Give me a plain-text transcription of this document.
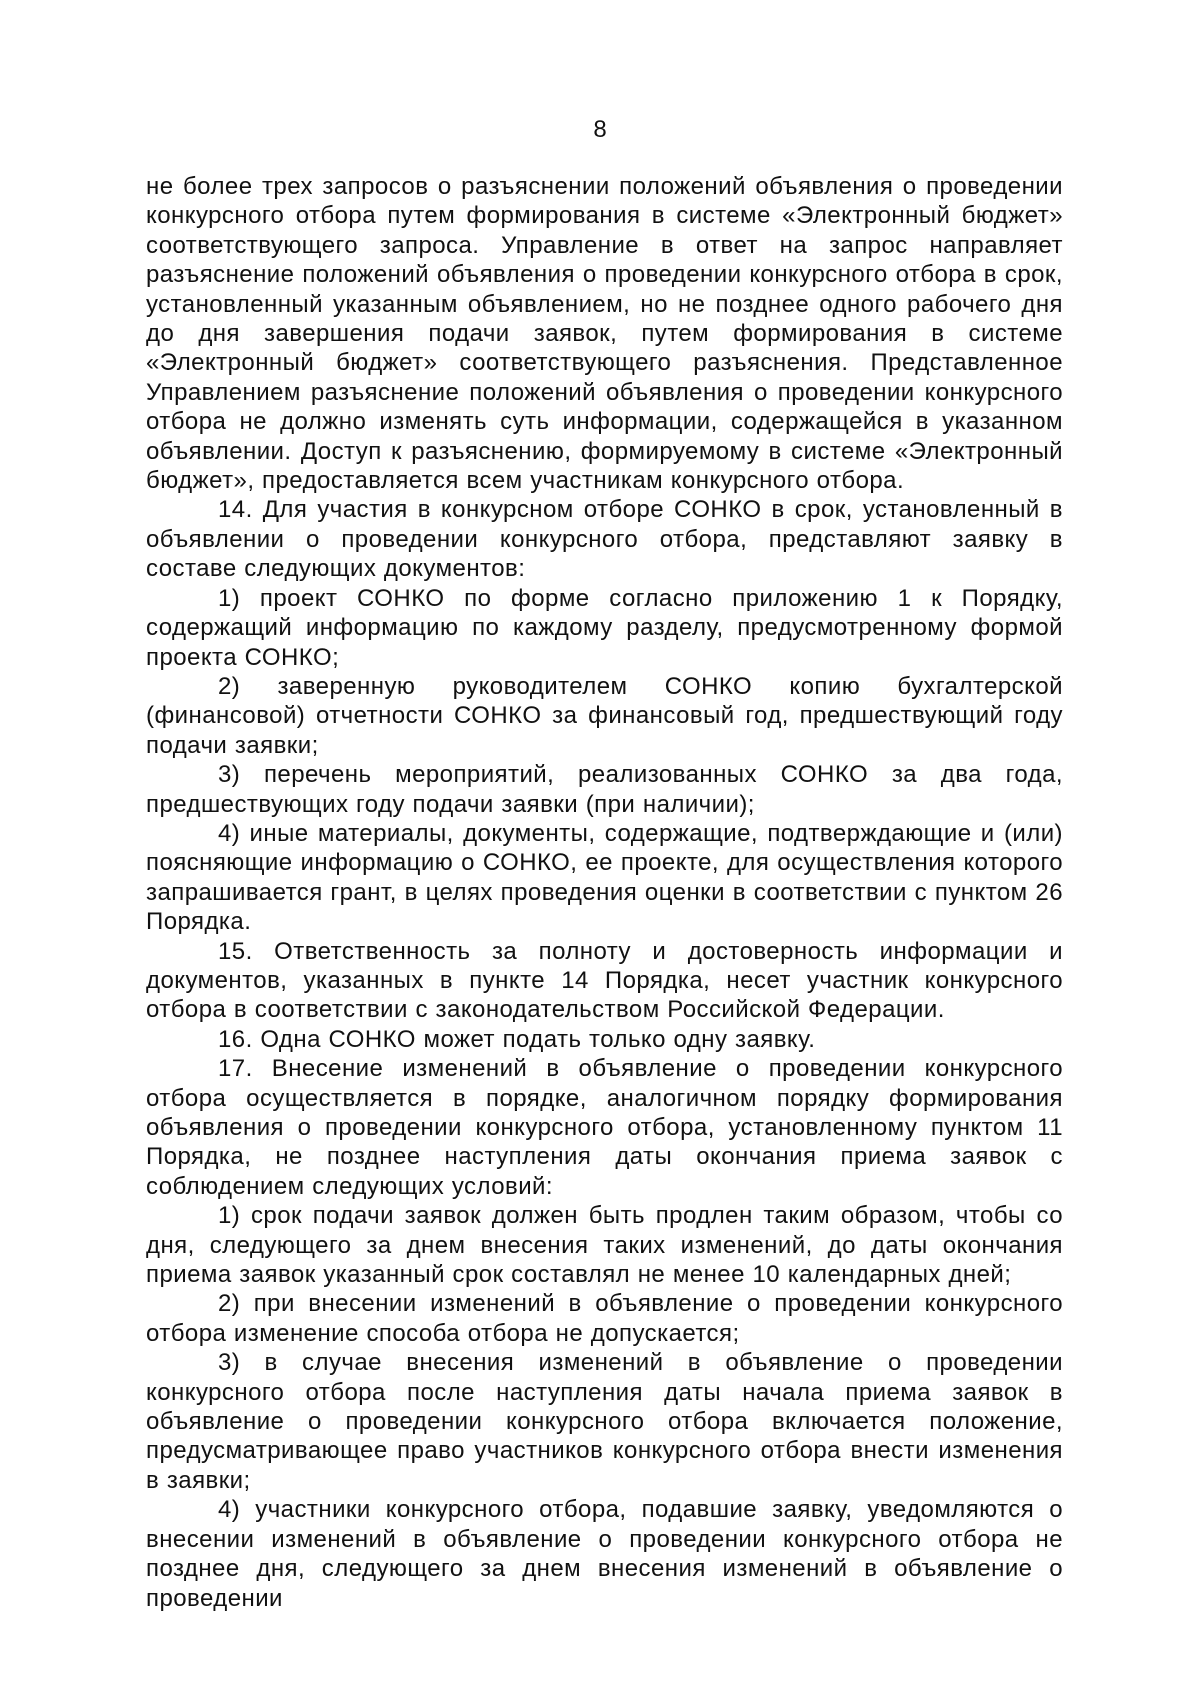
8

не более трех запросов о разъяснении положений объявления о проведении конкурсного отбора путем формирования в системе «Электронный бюджет» соответствующего запроса. Управление в ответ на запрос направляет разъяснение положений объявления о проведении конкурсного отбора в срок, установленный указанным объявлением, но не позднее одного рабочего дня до дня завершения подачи заявок, путем формирования в системе «Электронный бюджет» соответствующего разъяснения. Представленное Управлением разъяснение положений объявления о проведении конкурсного отбора не должно изменять суть информации, содержащейся в указанном объявлении. Доступ к разъяснению, формируемому в системе «Электронный бюджет», предоставляется всем участникам конкурсного отбора.

14. Для участия в конкурсном отборе СОНКО в срок, установленный в объявлении о проведении конкурсного отбора, представляют заявку в составе следующих документов:

1) проект СОНКО по форме согласно приложению 1 к Порядку, содержащий информацию по каждому разделу, предусмотренному формой проекта СОНКО;

2) заверенную руководителем СОНКО копию бухгалтерской (финансовой) отчетности СОНКО за финансовый год, предшествующий году подачи заявки;

3) перечень мероприятий, реализованных СОНКО за два года, предшествующих году подачи заявки (при наличии);

4) иные материалы, документы, содержащие, подтверждающие и (или) поясняющие информацию о СОНКО, ее проекте, для осуществления которого запрашивается грант, в целях проведения оценки в соответствии с пунктом 26 Порядка.

15. Ответственность за полноту и достоверность информации и документов, указанных в пункте 14 Порядка, несет участник конкурсного отбора в соответствии с законодательством Российской Федерации.

16. Одна СОНКО может подать только одну заявку.

17. Внесение изменений в объявление о проведении конкурсного отбора осуществляется в порядке, аналогичном порядку формирования объявления о проведении конкурсного отбора, установленному пунктом 11 Порядка, не позднее наступления даты окончания приема заявок с соблюдением следующих условий:

1) срок подачи заявок должен быть продлен таким образом, чтобы со дня, следующего за днем внесения таких изменений, до даты окончания приема заявок указанный срок составлял не менее 10 календарных дней;

2) при внесении изменений в объявление о проведении конкурсного отбора изменение способа отбора не допускается;

3) в случае внесения изменений в объявление о проведении конкурсного отбора после наступления даты начала приема заявок в объявление о проведении конкурсного отбора включается положение, предусматривающее право участников конкурсного отбора внести изменения в заявки;

4) участники конкурсного отбора, подавшие заявку, уведомляются о внесении изменений в объявление о проведении конкурсного отбора не позднее дня, следующего за днем внесения изменений в объявление о проведении
